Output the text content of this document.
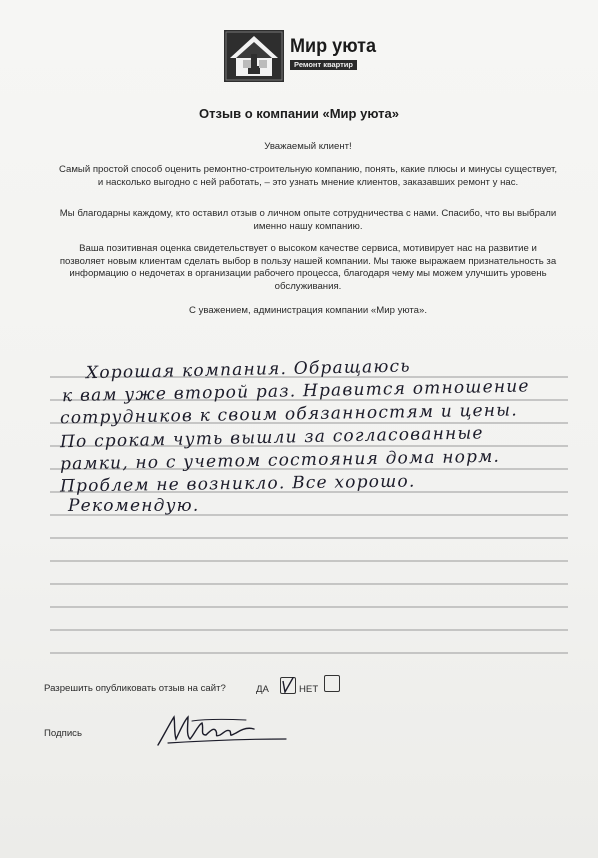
Мир уюта
Ремонт квартир
Отзыв о компании «Мир уюта»

Уважаемый клиент!

Самый простой способ оценить ремонтно-строительную компанию, понять, какие плюсы и минусы существует, и насколько выгодно с ней работать, – это узнать мнение клиентов, заказавших ремонт у нас.

Мы благодарны каждому, кто оставил отзыв о личном опыте сотрудничества с нами. Спасибо, что вы выбрали именно нашу компанию.

Ваша позитивная оценка свидетельствует о высоком качестве сервиса, мотивирует нас на развитие и позволяет новым клиентам сделать выбор в пользу нашей компании. Мы также выражаем признательность за информацию о недочетах в организации рабочего процесса, благодаря чему мы можем улучшить уровень обслуживания.

С уважением, администрация компании «Мир уюта».

Хорошая компания. Обращаюсь
к вам уже второй раз. Нравится отношение
сотрудников к своим обязанностям и цены.
По срокам чуть вышли за согласованные
рамки, но с учетом состояния дома норм.
Проблем не возникло. Все хорошо.
Рекомендую.
Разрешить опубликовать отзыв на сайт?	ДА	НЕТ
Подпись
